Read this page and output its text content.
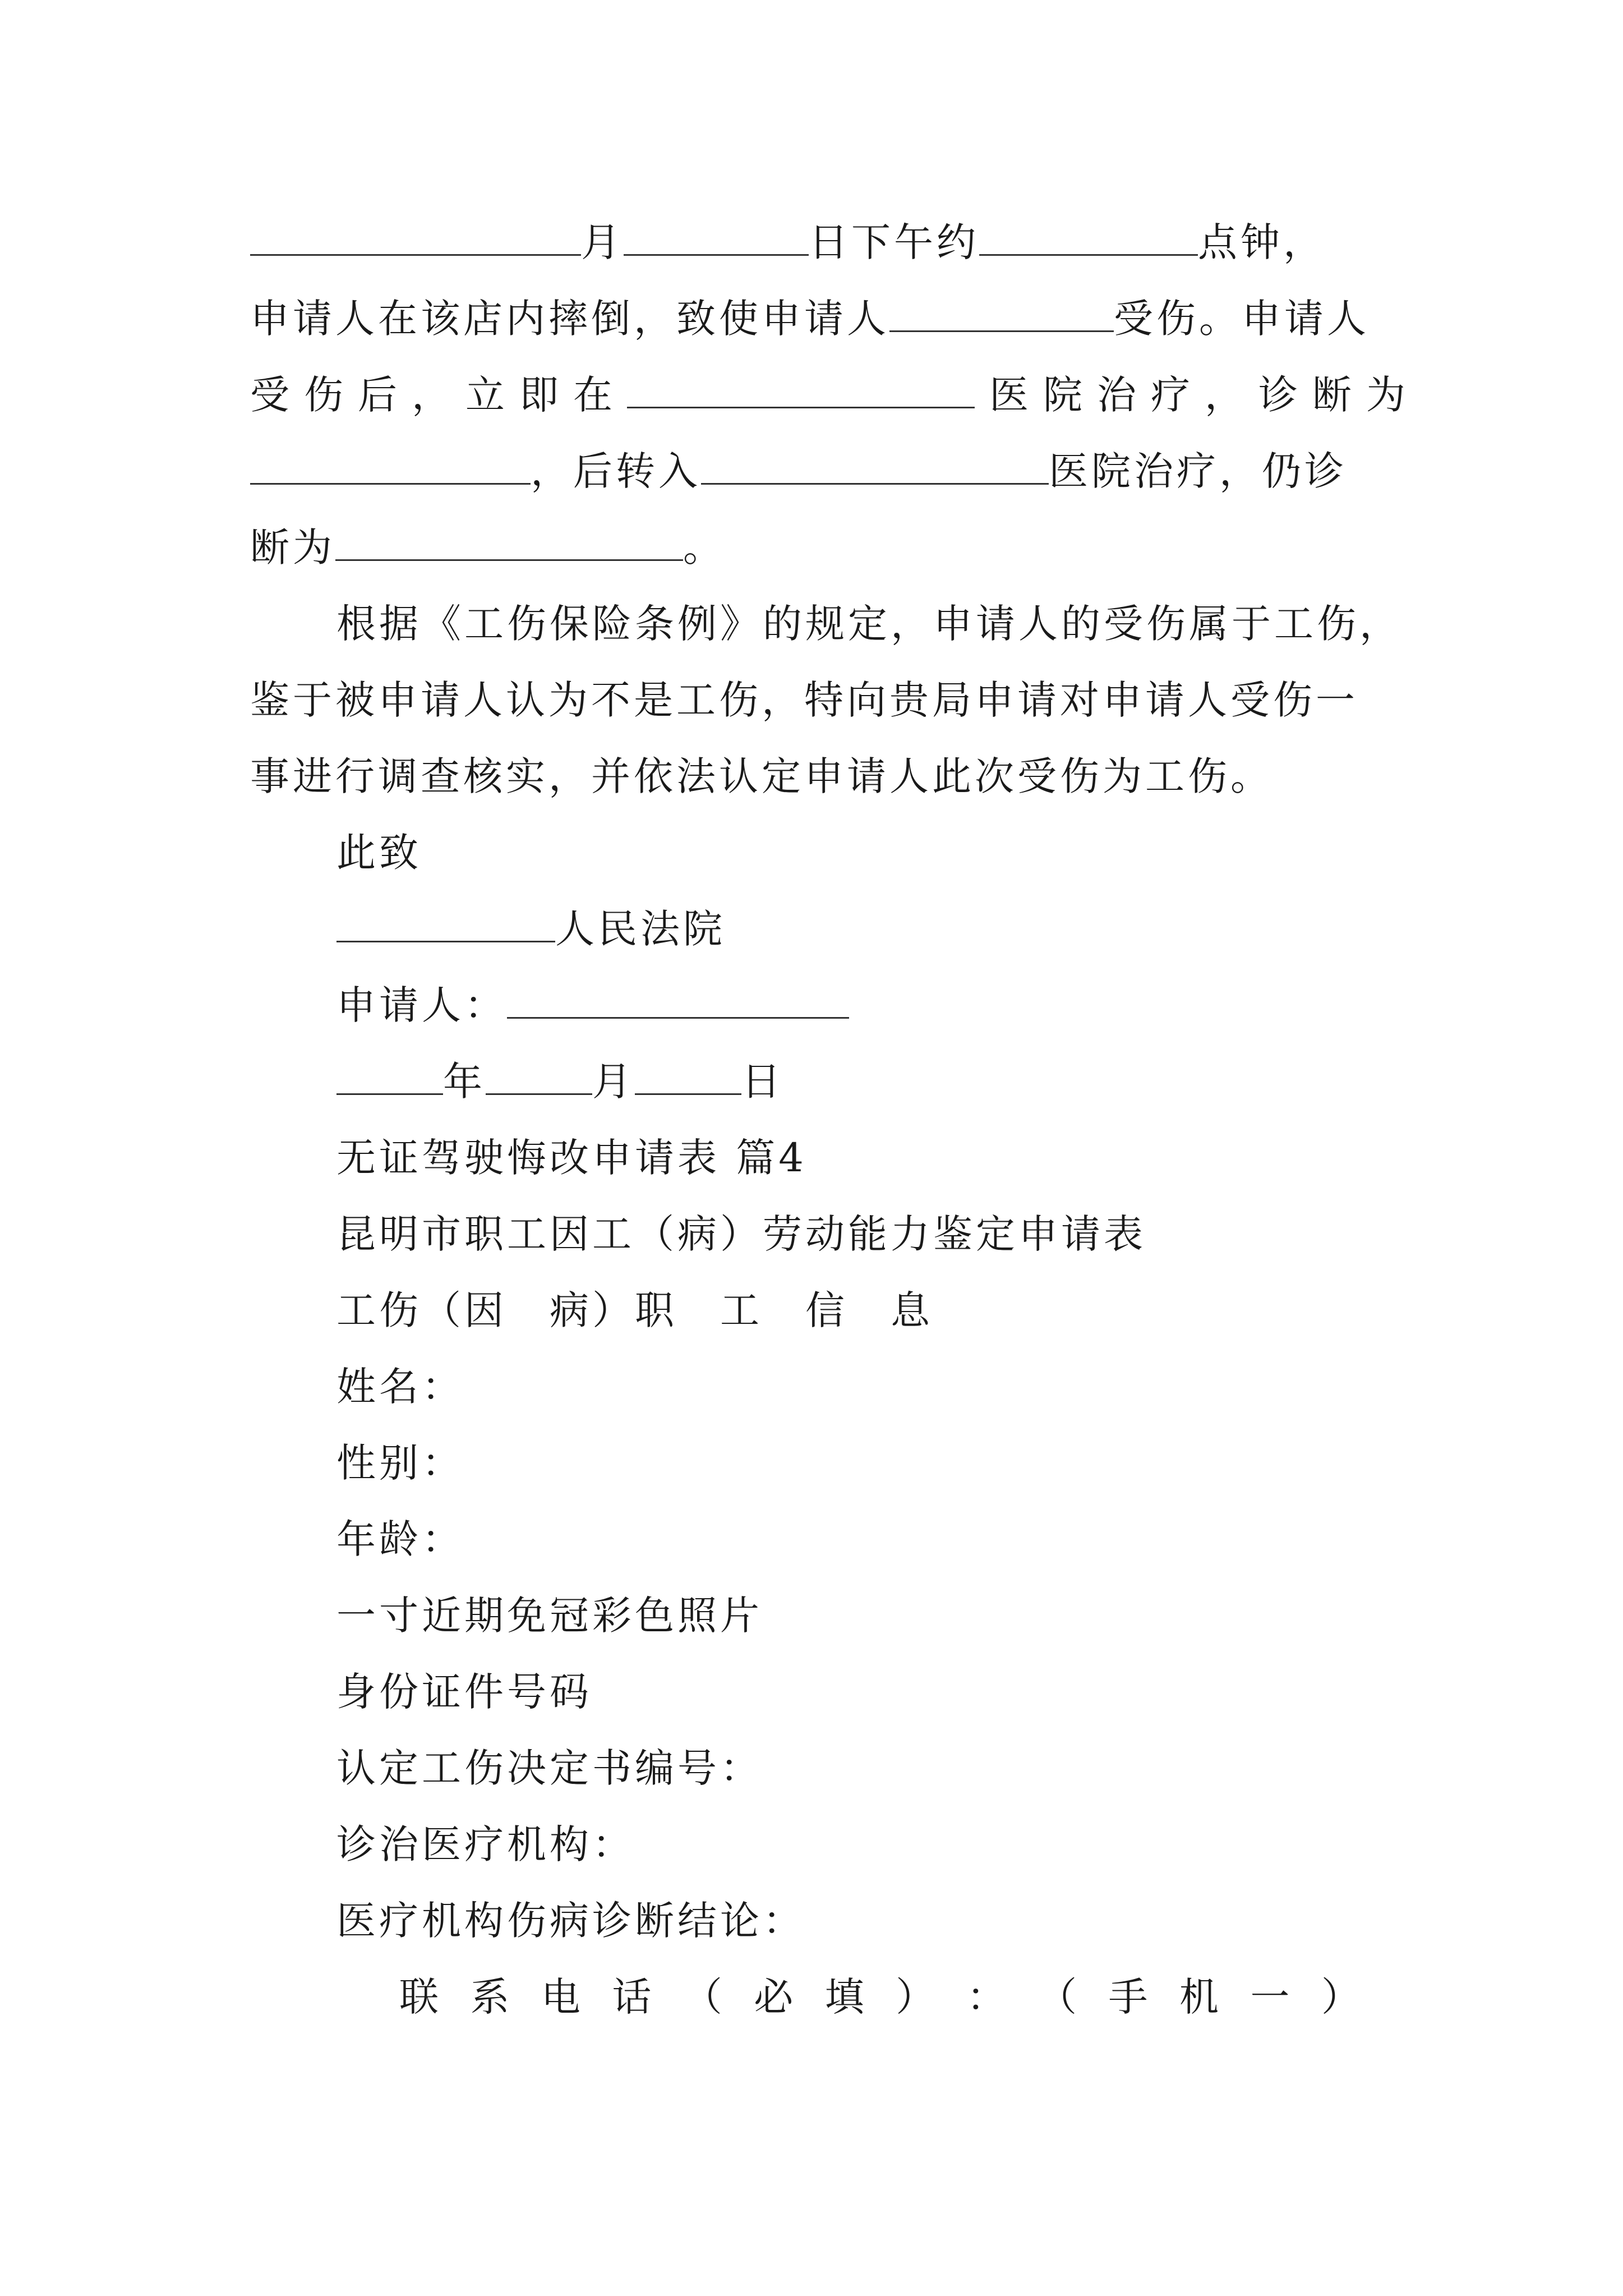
月	日下午约	点钟，
申请人在该店内摔倒，致使申请人	受伤。申请人
受伤后，立即在	医院治疗，诊断为
，后转入	医院治疗，仍诊
断为	。
根据《工伤保险条例》的规定，申请人的受伤属于工伤，
鉴于被申请人认为不是工伤，特向贵局申请对申请人受伤一
事进行调查核实，并依法认定申请人此次受伤为工伤。
此致
人民法院
申请人：
年	月	日
无证驾驶悔改申请表 篇4
昆明市职工因工（病）劳动能力鉴定申请表
工伤（因　病）职　工　信　息
姓名：
性别：
年龄：
一寸近期免冠彩色照片
身份证件号码
认定工伤决定书编号：
诊治医疗机构：
医疗机构伤病诊断结论：
联 系 电 话 （ 必 填 ） ： （ 手 机 一 ）
